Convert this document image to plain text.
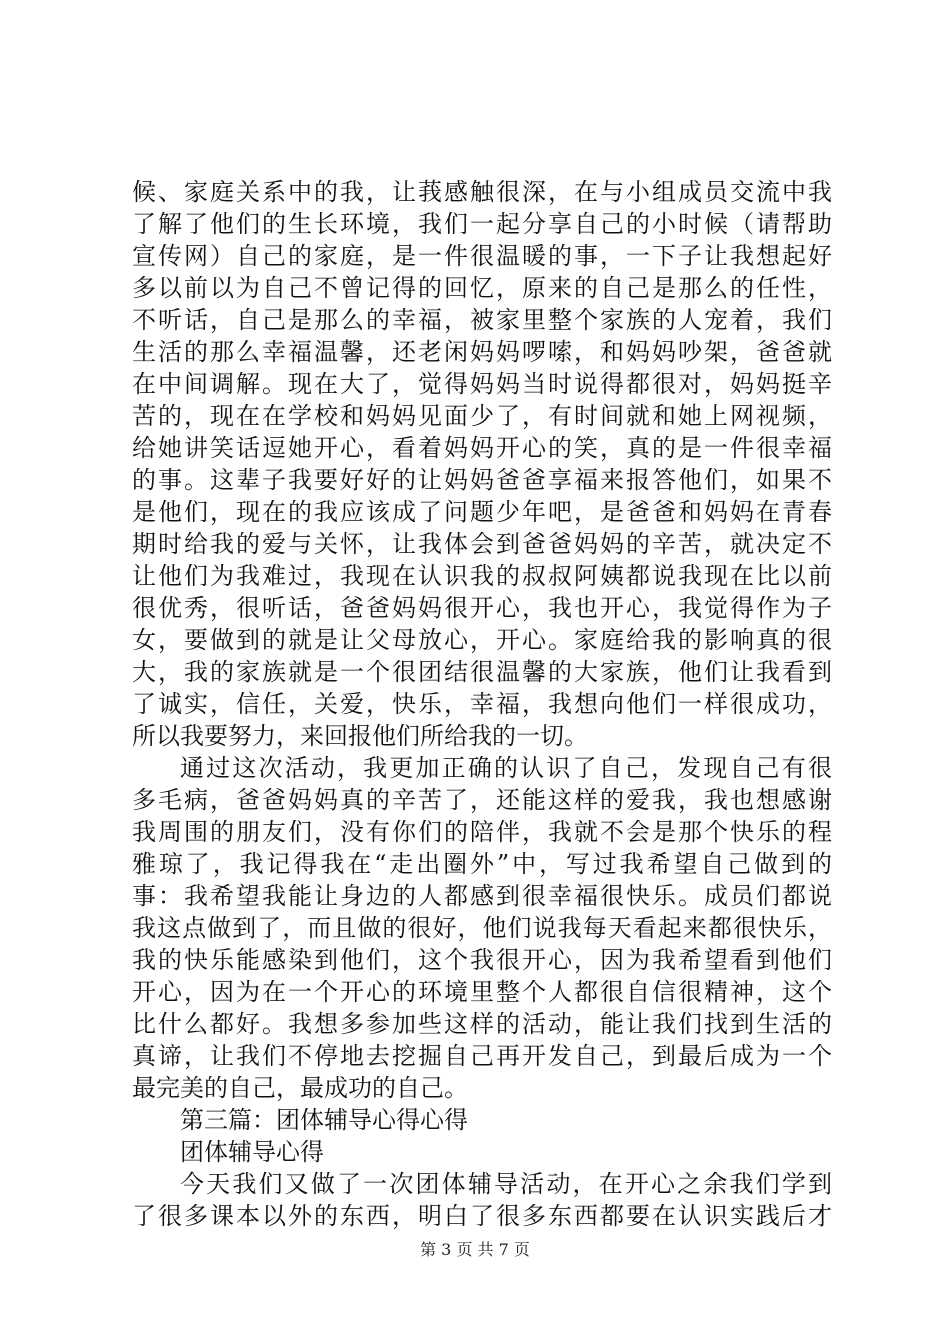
候、家庭关系中的我，让莪感触很深，在与小组成员交流中我
了解了他们的生长环境，我们一起分享自己的小时候（请帮助
宣传网）自己的家庭，是一件很温暖的事，一下子让我想起好
多以前以为自己不曾记得的回忆，原来的自己是那么的任性，
不听话，自己是那么的幸福，被家里整个家族的人宠着，我们
生活的那么幸福温馨，还老闲妈妈啰嗦，和妈妈吵架，爸爸就
在中间调解。现在大了，觉得妈妈当时说得都很对，妈妈挺辛
苦的，现在在学校和妈妈见面少了，有时间就和她上网视频，
给她讲笑话逗她开心，看着妈妈开心的笑，真的是一件很幸福
的事。这辈子我要好好的让妈妈爸爸享福来报答他们，如果不
是他们，现在的我应该成了问题少年吧，是爸爸和妈妈在青春
期时给我的爱与关怀，让我体会到爸爸妈妈的辛苦，就决定不
让他们为我难过，我现在认识我的叔叔阿姨都说我现在比以前
很优秀，很听话，爸爸妈妈很开心，我也开心，我觉得作为子
女，要做到的就是让父母放心，开心。家庭给我的影响真的很
大，我的家族就是一个很团结很温馨的大家族，他们让我看到
了诚实，信任，关爱，快乐，幸福，我想向他们一样很成功，
所以我要努力，来回报他们所给我的一切。
通过这次活动，我更加正确的认识了自己，发现自己有很
多毛病，爸爸妈妈真的辛苦了，还能这样的爱我，我也想感谢
我周围的朋友们，没有你们的陪伴，我就不会是那个快乐的程
雅琼了，我记得我在“走出圈外”中，写过我希望自己做到的
事：我希望我能让身边的人都感到很幸福很快乐。成员们都说
我这点做到了，而且做的很好，他们说我每天看起来都很快乐，
我的快乐能感染到他们，这个我很开心，因为我希望看到他们
开心，因为在一个开心的环境里整个人都很自信很精神，这个
比什么都好。我想多参加些这样的活动，能让我们找到生活的
真谛，让我们不停地去挖掘自己再开发自己，到最后成为一个
最完美的自己，最成功的自己。
第三篇：团体辅导心得心得
团体辅导心得
今天我们又做了一次团体辅导活动，在开心之余我们学到
了很多课本以外的东西，明白了很多东西都要在认识实践后才
第 3 页 共 7 页
